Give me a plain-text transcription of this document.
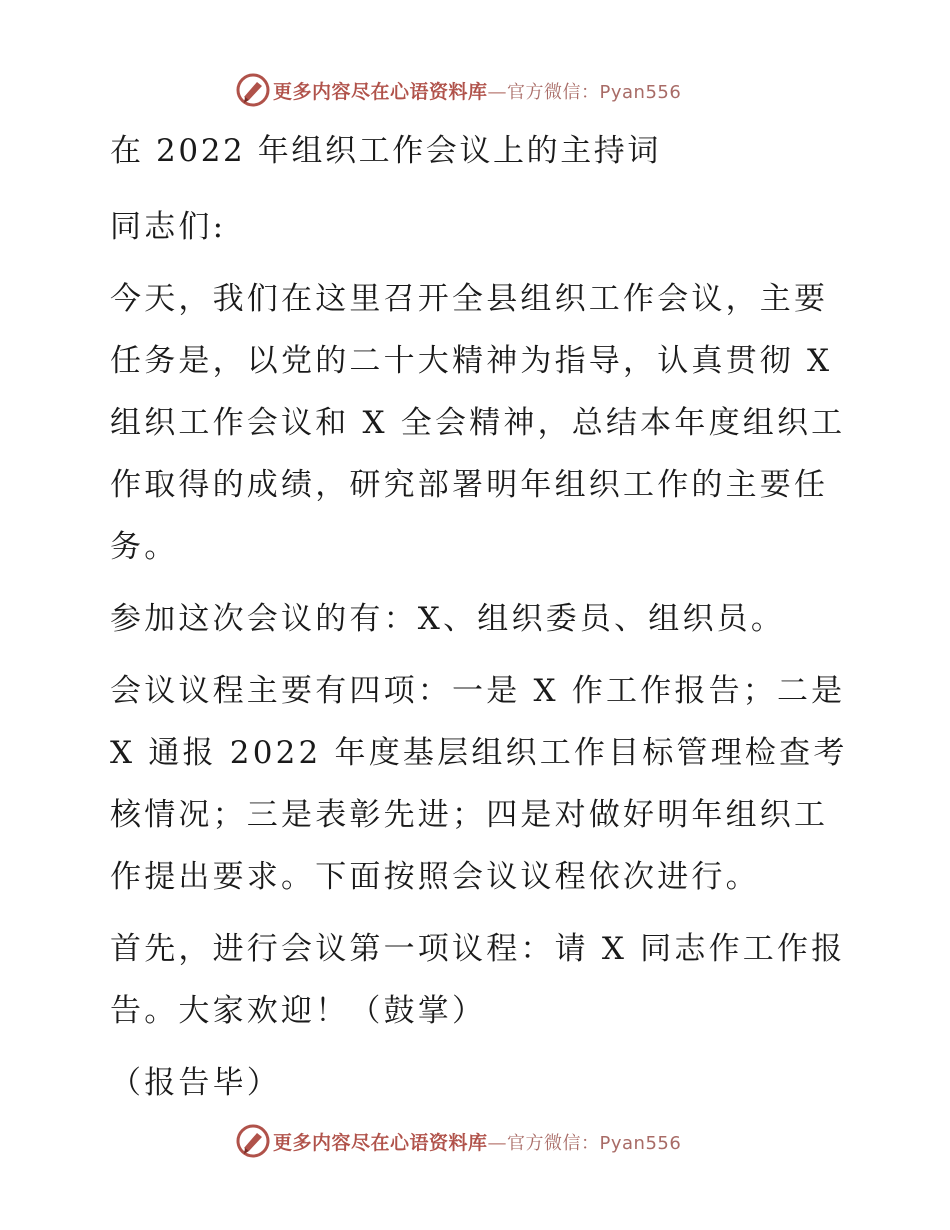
更多内容尽在心语资料库—官方微信：Pyan556

在 2022 年组织工作会议上的主持词

同志们:

今天，我们在这里召开全县组织工作会议，主要任务是，以党的二十大精神为指导，认真贯彻 X 组织工作会议和 X 全会精神，总结本年度组织工作取得的成绩，研究部署明年组织工作的主要任务。

参加这次会议的有：X、组织委员、组织员。

会议议程主要有四项：一是 X 作工作报告；二是 X 通报 2022 年度基层组织工作目标管理检查考核情况；三是表彰先进；四是对做好明年组织工作提出要求。下面按照会议议程依次进行。

首先，进行会议第一项议程：请 X 同志作工作报告。大家欢迎！（鼓掌）

（报告毕）

更多内容尽在心语资料库—官方微信：Pyan556
